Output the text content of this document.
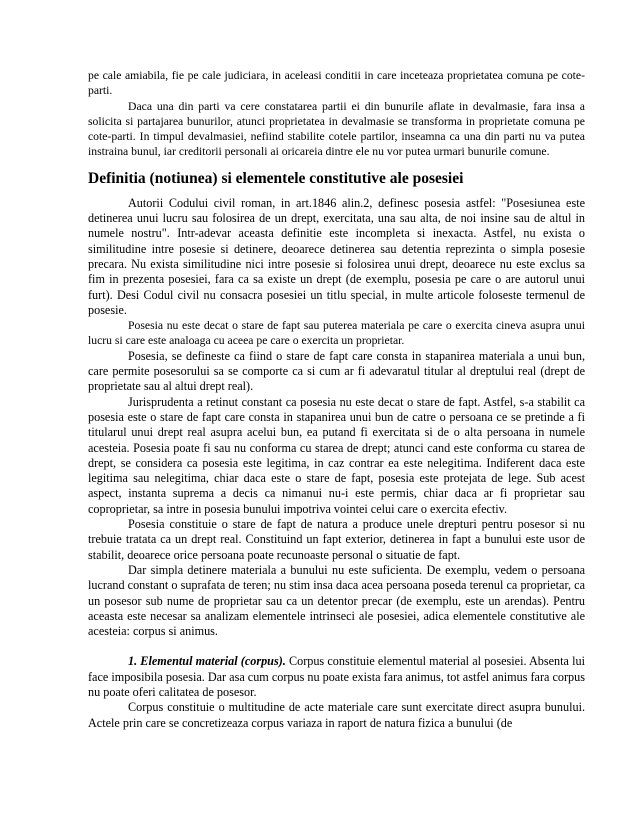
pe cale amiabila, fie pe cale judiciara, in aceleasi conditii in care inceteaza proprietatea comuna pe cote-parti.

Daca una din parti va cere constatarea partii ei din bunurile aflate in devalmasie, fara insa a solicita si partajarea bunurilor, atunci proprietatea in devalmasie se transforma in proprietate comuna pe cote-parti. In timpul devalmasiei, nefiind stabilite cotele partilor, inseamna ca una din parti nu va putea instraina bunul, iar creditorii personali ai oricareia dintre ele nu vor putea urmari bunurile comune.

Definitia (notiunea) si elementele constitutive ale posesiei

Autorii Codului civil roman, in art.1846 alin.2, definesc posesia astfel: "Posesiunea este detinerea unui lucru sau folosirea de un drept, exercitata, una sau alta, de noi insine sau de altul in numele nostru". Intr-adevar aceasta definitie este incompleta si inexacta. Astfel, nu exista o similitudine intre posesie si detinere, deoarece detinerea sau detentia reprezinta o simpla posesie precara. Nu exista similitudine nici intre posesie si folosirea unui drept, deoarece nu este exclus sa fim in prezenta posesiei, fara ca sa existe un drept (de exemplu, posesia pe care o are autorul unui furt). Desi Codul civil nu consacra posesiei un titlu special, in multe articole foloseste termenul de posesie.

Posesia nu este decat o stare de fapt sau puterea materiala pe care o exercita cineva asupra unui lucru si care este analoaga cu aceea pe care o exercita un proprietar.

Posesia, se defineste ca fiind o stare de fapt care consta in stapanirea materiala a unui bun, care permite posesorului sa se comporte ca si cum ar fi adevaratul titular al dreptului real (drept de proprietate sau al altui drept real).

Jurisprudenta a retinut constant ca posesia nu este decat o stare de fapt. Astfel, s-a stabilit ca posesia este o stare de fapt care consta in stapanirea unui bun de catre o persoana ce se pretinde a fi titularul unui drept real asupra acelui bun, ea putand fi exercitata si de o alta persoana in numele acesteia. Posesia poate fi sau nu conforma cu starea de drept; atunci cand este conforma cu starea de drept, se considera ca posesia este legitima, in caz contrar ea este nelegitima. Indiferent daca este legitima sau nelegitima, chiar daca este o stare de fapt, posesia este protejata de lege. Sub acest aspect, instanta suprema a decis ca nimanui nu-i este permis, chiar daca ar fi proprietar sau coproprietar, sa intre in posesia bunului impotriva vointei celui care o exercita efectiv.

Posesia constituie o stare de fapt de natura a produce unele drepturi pentru posesor si nu trebuie tratata ca un drept real. Constituind un fapt exterior, detinerea in fapt a bunului este usor de stabilit, deoarece orice persoana poate recunoaste personal o situatie de fapt.

Dar simpla detinere materiala a bunului nu este suficienta. De exemplu, vedem o persoana lucrand constant o suprafata de teren; nu stim insa daca acea persoana poseda terenul ca proprietar, ca un posesor sub nume de proprietar sau ca un detentor precar (de exemplu, este un arendas). Pentru aceasta este necesar sa analizam elementele intrinseci ale posesiei, adica elementele constitutive ale acesteia: corpus si animus.

1. Elementul material (corpus). Corpus constituie elementul material al posesiei. Absenta lui face imposibila posesia. Dar asa cum corpus nu poate exista fara animus, tot astfel animus fara corpus nu poate oferi calitatea de posesor.

Corpus constituie o multitudine de acte materiale care sunt exercitate direct asupra bunului. Actele prin care se concretizeaza corpus variaza in raport de natura fizica a bunului (de
